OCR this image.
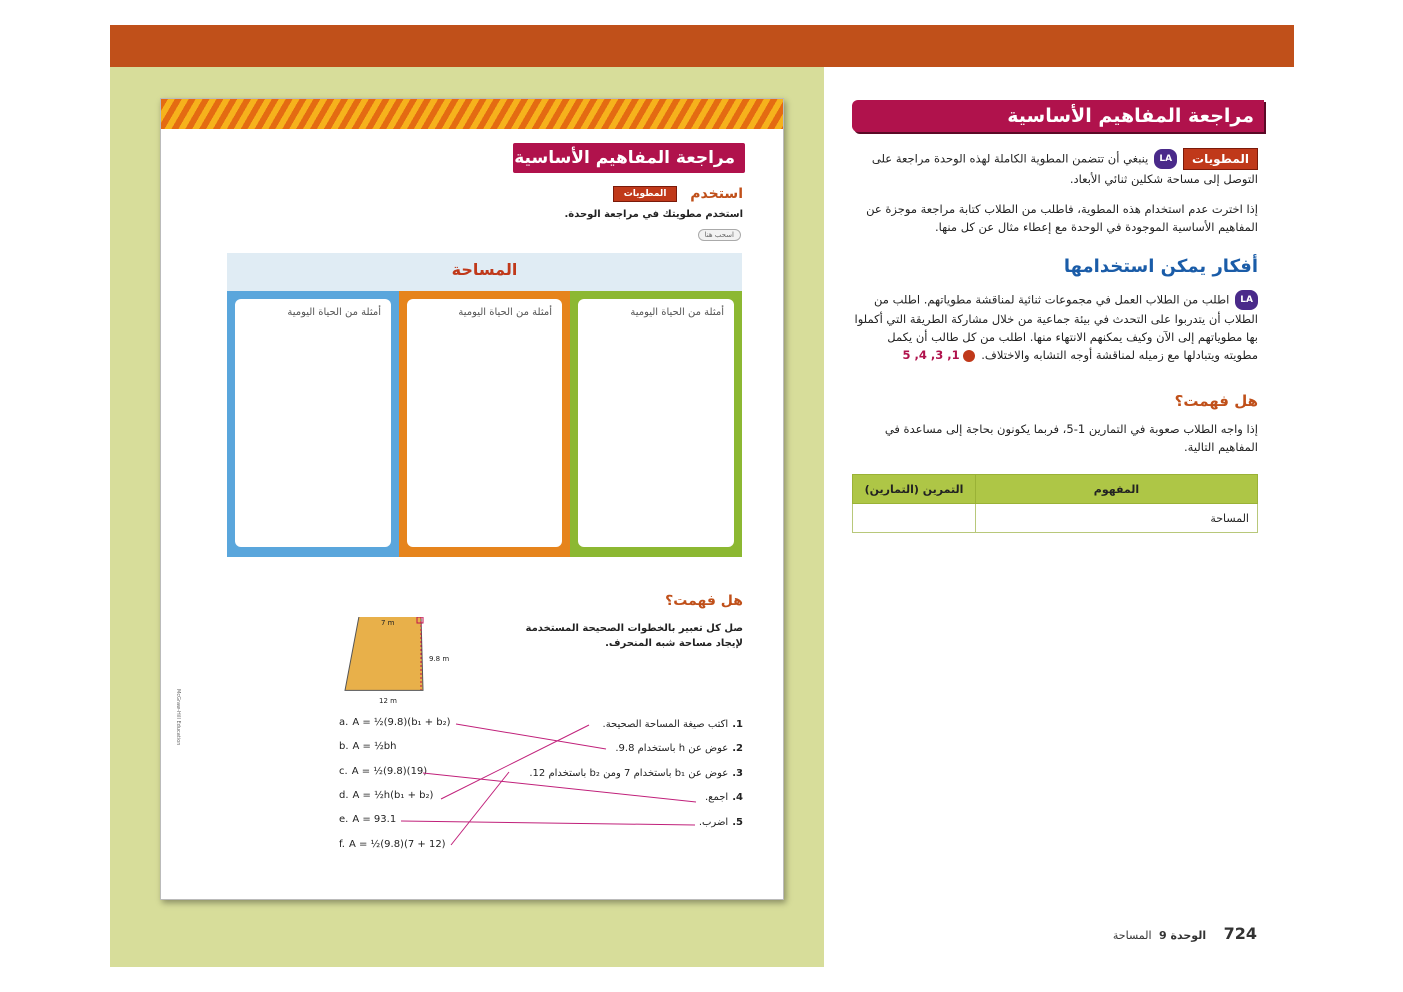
مراجعة المفاهيم الأساسية
استخدم المطويات
استخدم مطويتك في مراجعة الوحدة.
اسحب هنا
المساحة
أمثلة من الحياة اليومية	أمثلة من الحياة اليومية	أمثلة من الحياة اليومية
هل فهمت؟
صل كل تعبير بالخطوات الصحيحة المستخدمة لإيجاد مساحة شبه المنحرف.
7 m
9.8 m
12 m
1.اكتب صيغة المساحة الصحيحة.
2.عوض عن h باستخدام 9.8.
3.عوض عن b₁ باستخدام 7 ومن b₂ باستخدام 12.
4.اجمع.
5.اضرب.
a. A = ½(9.8)(b₁ + b₂)
b. A = ½bh
c. A = ½(9.8)(19)
d. A = ½h(b₁ + b₂)
e. A = 93.1
f. A = ½(9.8)(7 + 12)
McGraw-Hill Education
مراجعة المفاهيم الأساسية
المطوياتLAينبغي أن تتضمن المطوية الكاملة لهذه الوحدة مراجعة على التوصل إلى مساحة شكلين ثنائي الأبعاد.
إذا اخترت عدم استخدام هذه المطوية، فاطلب من الطلاب كتابة مراجعة موجزة عن المفاهيم الأساسية الموجودة في الوحدة مع إعطاء مثال عن كل منها.
أفكار يمكن استخدامها
LAاطلب من الطلاب العمل في مجموعات ثنائية لمناقشة مطوياتهم. اطلب من الطلاب أن يتدربوا على التحدث في بيئة جماعية من خلال مشاركة الطريقة التي أكملوا بها مطوياتهم إلى الآن وكيف يمكنهم الانتهاء منها. اطلب من كل طالب أن يكمل مطويته ويتبادلها مع زميله لمناقشة أوجه التشابه والاختلاف. 1, 3, 4, 5
هل فهمت؟
إذا واجه الطلاب صعوبة في التمارين 1-5، فربما يكونون بحاجة إلى مساعدة في المفاهيم التالية.
التمرين (التمارين)	المفهوم
	المساحة
724 الوحدة 9 المساحة
